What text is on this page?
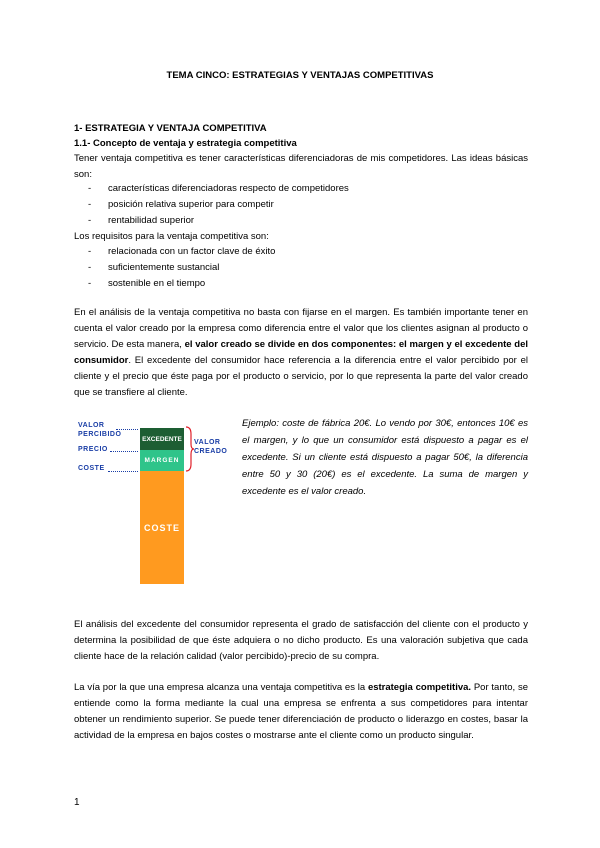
TEMA CINCO: ESTRATEGIAS Y VENTAJAS COMPETITIVAS
1- ESTRATEGIA Y VENTAJA COMPETITIVA
1.1- Concepto de ventaja y estrategia competitiva
Tener ventaja competitiva es tener características diferenciadoras de mis competidores. Las ideas básicas son:
- características diferenciadoras respecto de competidores
- posición relativa superior para competir
- rentabilidad superior
Los requisitos para la ventaja competitiva son:
- relacionada con un factor clave de éxito
- suficientemente sustancial
- sostenible en el tiempo
En el análisis de la ventaja competitiva no basta con fijarse en el margen. Es también importante tener en cuenta el valor creado por la empresa como diferencia entre el valor que los clientes asignan al producto o servicio. De esta manera, el valor creado se divide en dos componentes: el margen y el excedente del consumidor. El excedente del consumidor hace referencia a la diferencia entre el valor percibido por el cliente y el precio que éste paga por el producto o servicio, por lo que representa la parte del valor creado que se transfiere al cliente.
VALOR
PERCIBIDO
PRECIO
COSTE
EXCEDENTE
MARGEN
COSTE
VALOR
CREADO
Ejemplo: coste de fábrica 20€. Lo vendo por 30€, entonces 10€ es el margen, y lo que un consumidor está dispuesto a pagar es el excedente. Si un cliente está dispuesto a pagar 50€, la diferencia entre 50 y 30 (20€) es el excedente. La suma de margen y excedente es el valor creado.
El análisis del excedente del consumidor representa el grado de satisfacción del cliente con el producto y determina la posibilidad de que éste adquiera o no dicho producto. Es una valoración subjetiva que cada cliente hace de la relación calidad (valor percibido)-precio de su compra.
La vía por la que una empresa alcanza una ventaja competitiva es la estrategia competitiva. Por tanto, se entiende como la forma mediante la cual una empresa se enfrenta a sus competidores para intentar obtener un rendimiento superior. Se puede tener diferenciación de producto o liderazgo en costes, basar la actividad de la empresa en bajos costes o mostrarse ante el cliente como un producto singular.
1
